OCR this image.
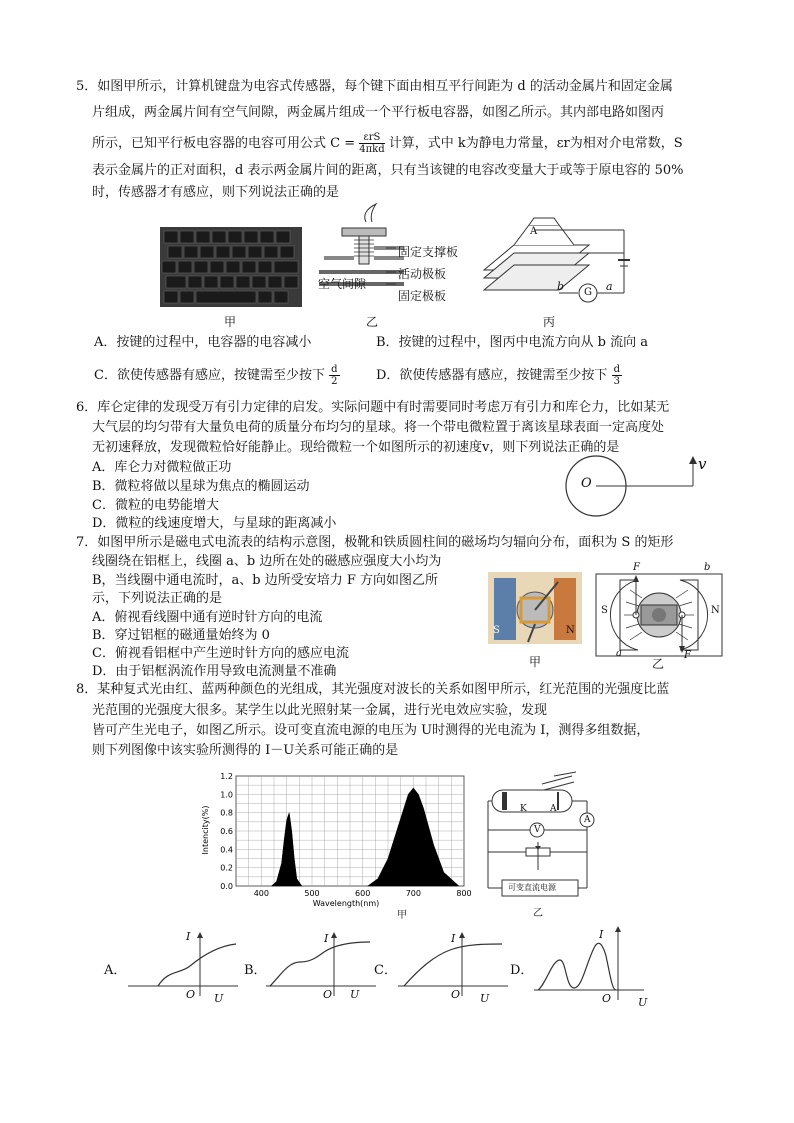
5．如图甲所示，计算机键盘为电容式传感器，每个键下面由相互平行间距为 d 的活动金属片和固定金属
片组成，两金属片间有空气间隙，两金属片组成一个平行板电容器，如图乙所示。其内部电路如图丙
所示，已知平行板电容器的电容可用公式 $C = \frac{\text{εrS}}{\text{4πkd}}$ 计算，式中 k为静电力常量，εr为相对介电常数，S
表示金属片的正对面积，d 表示两金属片间的距离，只有当该键的电容改变量大于或等于原电容的 50%
时，传感器才有感应，则下列说法正确的是
甲
固定支撑板
活动极板
空气间隙
固定极板
乙
A
b G a
丙
A．按键的过程中，电容器的电容减小	B．按键的过程中，图丙中电流方向从 b 流向 a
C．欲使传感器有感应，按键需至少按下 $\frac{d}{2}$	D．欲使传感器有感应，按键需至少按下 $\frac{d}{3}$
6．库仑定律的发现受万有引力定律的启发。实际问题中有时需要同时考虑万有引力和库仑力，比如某无
大气层的均匀带有大量负电荷的质量分布均匀的星球。将一个带电微粒置于离该星球表面一定高度处
无初速释放，发现微粒恰好能静止。现给微粒一个如图所示的初速度v，则下列说法正确的是
A．库仑力对微粒做正功
B．微粒将做以星球为焦点的椭圆运动
C．微粒的电势能增大
D．微粒的线速度增大，与星球的距离减小
O
v
7．如图甲所示是磁电式电流表的结构示意图，极靴和铁质圆柱间的磁场均匀辐向分布，面积为 S 的矩形
线圈绕在铝框上，线圈 a、b 边所在处的磁感应强度大小均为
B，当线圈中通电流时，a、b 边所受安培力 F 方向如图乙所
示，下列说法正确的是
A．俯视看线圈中通有逆时针方向的电流
B．穿过铝框的磁通量始终为 0
C．俯视看铝框中产生逆时针方向的感应电流
D．由于铝框涡流作用导致电流测量不准确
S	N
甲
S	N
F
F
a
b
乙
8．某种复式光由红、蓝两种颜色的光组成，其光强度对波长的关系如图甲所示，红光范围的光强度比蓝
光范围的光强度大很多。某学生以此光照射某一金属，进行光电效应实验，发现
皆可产生光电子，如图乙所示。设可变直流电源的电压为 U时测得的光电流为 I，测得多组数据，
则下列图像中该实验所测得的 I－U关系可能正确的是
400	500	600	700	800
0.0
0.2
0.4
0.6
0.8
1.0
1.2
Wavelength(nm)
Intencity(%)
甲
K	A
A
V
可变直流电源
乙
A．
I
O U
B．
I
O U
C．
I
O U
D．
I
O U
